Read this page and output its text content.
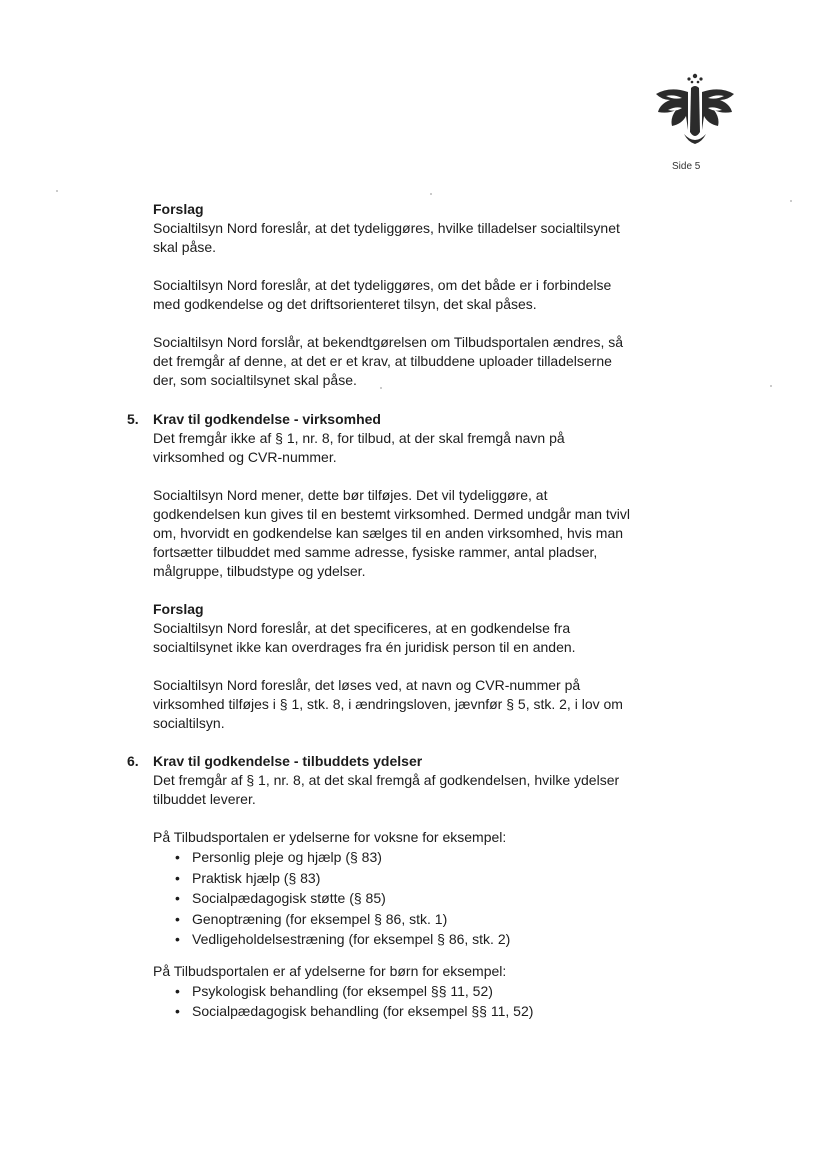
Side 5
Forslag
Socialtilsyn Nord foreslår, at det tydeliggøres, hvilke tilladelser socialtilsynet
skal påse.
Socialtilsyn Nord foreslår, at det tydeliggøres, om det både er i forbindelse
med godkendelse og det driftsorienteret tilsyn, det skal påses.
Socialtilsyn Nord forslår, at bekendtgørelsen om Tilbudsportalen ændres, så
det fremgår af denne, at det er et krav, at tilbuddene uploader tilladelserne
der, som socialtilsynet skal påse.
5. Krav til godkendelse - virksomhed
Det fremgår ikke af § 1, nr. 8, for tilbud, at der skal fremgå navn på
virksomhed og CVR-nummer.
Socialtilsyn Nord mener, dette bør tilføjes. Det vil tydeliggøre, at
godkendelsen kun gives til en bestemt virksomhed. Dermed undgår man tvivl
om, hvorvidt en godkendelse kan sælges til en anden virksomhed, hvis man
fortsætter tilbuddet med samme adresse, fysiske rammer, antal pladser,
målgruppe, tilbudstype og ydelser.
Forslag
Socialtilsyn Nord foreslår, at det specificeres, at en godkendelse fra
socialtilsynet ikke kan overdrages fra én juridisk person til en anden.
Socialtilsyn Nord foreslår, det løses ved, at navn og CVR-nummer på
virksomhed tilføjes i § 1, stk. 8, i ændringsloven, jævnfør § 5, stk. 2, i lov om
socialtilsyn.
6. Krav til godkendelse - tilbuddets ydelser
Det fremgår af § 1, nr. 8, at det skal fremgå af godkendelsen, hvilke ydelser
tilbuddet leverer.
På Tilbudsportalen er ydelserne for voksne for eksempel:
• Personlig pleje og hjælp (§ 83)
• Praktisk hjælp (§ 83)
• Socialpædagogisk støtte (§ 85)
• Genoptræning (for eksempel § 86, stk. 1)
• Vedligeholdelsestræning (for eksempel § 86, stk. 2)
På Tilbudsportalen er af ydelserne for børn for eksempel:
• Psykologisk behandling (for eksempel §§ 11, 52)
• Socialpædagogisk behandling (for eksempel §§ 11, 52)
